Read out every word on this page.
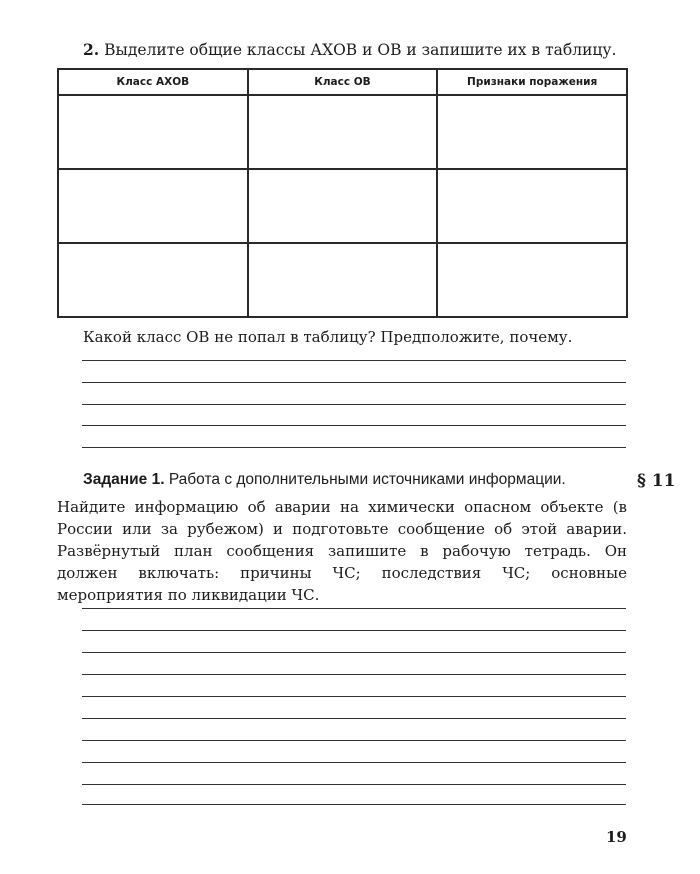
2. Выделите общие классы АХОВ и ОВ и запишите их в таблицу.
Класс АХОВ	Класс ОВ	Признаки поражения

Какой класс ОВ не попал в таблицу? Предположите, почему.
Задание 1. Работа с дополнительными источниками информации.	§ 11
Найдите информацию об аварии на химически опасном объекте (в России или за рубежом) и подготовьте сообщение об этой аварии. Развёрнутый план сообщения запишите в рабочую тетрадь. Он должен включать: причины ЧС; последствия ЧС; основные мероприятия по ликвидации ЧС.
19
